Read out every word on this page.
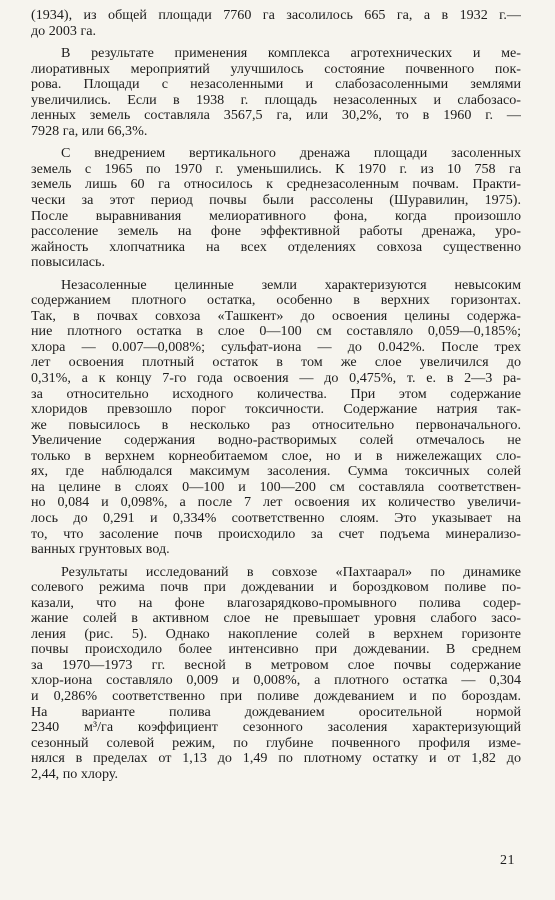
(1934), из общей площади 7760 га засолилось 665 га, а в 1932 г.—
до 2003 га.
В результате применения комплекса агротехнических и ме-
лиоративных мероприятий улучшилось состояние почвенного пок-
рова. Площади с незасоленными и слабозасоленными землями
увеличились. Если в 1938 г. площадь незасоленных и слабозасо-
ленных земель составляла 3567,5 га, или 30,2%, то в 1960 г. —
7928 га, или 66,3%.
С внедрением вертикального дренажа площади засоленных
земель с 1965 по 1970 г. уменьшились. К 1970 г. из 10 758 га
земель лишь 60 га относилось к среднезасоленным почвам. Практи-
чески за этот период почвы были рассолены (Шуравилин, 1975).
После выравнивания мелиоративного фона, когда произошло
рассоление земель на фоне эффективной работы дренажа, уро-
жайность хлопчатника на всех отделениях совхоза существенно
повысилась.
Незасоленные целинные земли характеризуются невысоким
содержанием плотного остатка, особенно в верхних горизонтах.
Так, в почвах совхоза «Ташкент» до освоения целины содержа-
ние плотного остатка в слое 0—100 см составляло 0,059—0,185%;
хлора — 0.007—0,008%; сульфат-иона — до 0.042%. После трех
лет освоения плотный остаток в том же слое увеличился до
0,31%, а к концу 7-го года освоения — до 0,475%, т. е. в 2—3 ра-
за относительно исходного количества. При этом содержание
хлоридов превзошло порог токсичности. Содержание натрия так-
же повысилось в несколько раз относительно первоначального.
Увеличение содержания водно-растворимых солей отмечалось не
только в верхнем корнеобитаемом слое, но и в нижележащих сло-
ях, где наблюдался максимум засоления. Сумма токсичных солей
на целине в слоях 0—100 и 100—200 см составляла соответствен-
но 0,084 и 0,098%, а после 7 лет освоения их количество увеличи-
лось до 0,291 и 0,334% соответственно слоям. Это указывает на
то, что засоление почв происходило за счет подъема минерализо-
ванных грунтовых вод.
Результаты исследований в совхозе «Пахтаарал» по динамике
солевого режима почв при дождевании и бороздковом поливе по-
казали, что на фоне влагозарядково-промывного полива содер-
жание солей в активном слое не превышает уровня слабого засо-
ления (рис. 5). Однако накопление солей в верхнем горизонте
почвы происходило более интенсивно при дождевании. В среднем
за 1970—1973 гг. весной в метровом слое почвы содержание
хлор-иона составляло 0,009 и 0,008%, а плотного остатка — 0,304
и 0,286% соответственно при поливе дождеванием и по бороздам.
На варианте полива дождеванием оросительной нормой
2340 м³/га коэффициент сезонного засоления характеризующий
сезонный солевой режим, по глубине почвенного профиля изме-
нялся в пределах от 1,13 до 1,49 по плотному остатку и от 1,82 до
2,44, по хлору.
21
